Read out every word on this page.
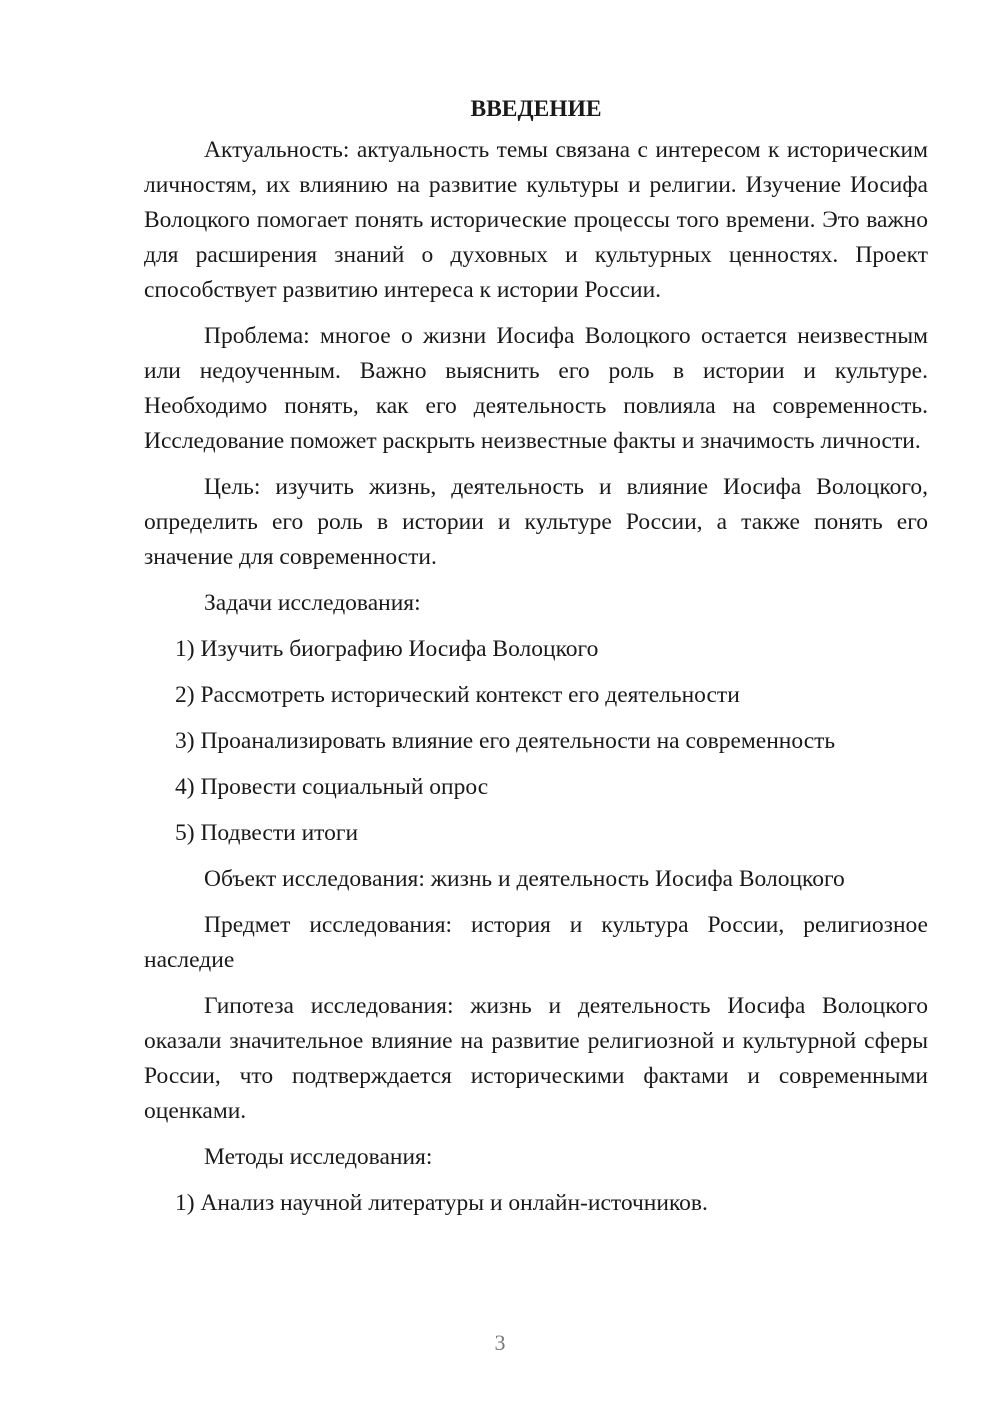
ВВЕДЕНИЕ

Актуальность: актуальность темы связана с интересом к историческим личностям, их влиянию на развитие культуры и религии. Изучение Иосифа Волоцкого помогает понять исторические процессы того времени. Это важно для расширения знаний о духовных и культурных ценностях. Проект способствует развитию интереса к истории России.

Проблема: многое о жизни Иосифа Волоцкого остается неизвестным или недоученным. Важно выяснить его роль в истории и культуре. Необходимо понять, как его деятельность повлияла на современность. Исследование поможет раскрыть неизвестные факты и значимость личности.

Цель: изучить жизнь, деятельность и влияние Иосифа Волоцкого, определить его роль в истории и культуре России, а также понять его значение для современности.

Задачи исследования:

1) Изучить биографию Иосифа Волоцкого

2) Рассмотреть исторический контекст его деятельности

3) Проанализировать влияние его деятельности на современность

4) Провести социальный опрос

5) Подвести итоги

Объект исследования: жизнь и деятельность Иосифа Волоцкого

Предмет исследования: история и культура России, религиозное наследие

Гипотеза исследования: жизнь и деятельность Иосифа Волоцкого оказали значительное влияние на развитие религиозной и культурной сферы России, что подтверждается историческими фактами и современными оценками.

Методы исследования:

1) Анализ научной литературы и онлайн-источников.

3
